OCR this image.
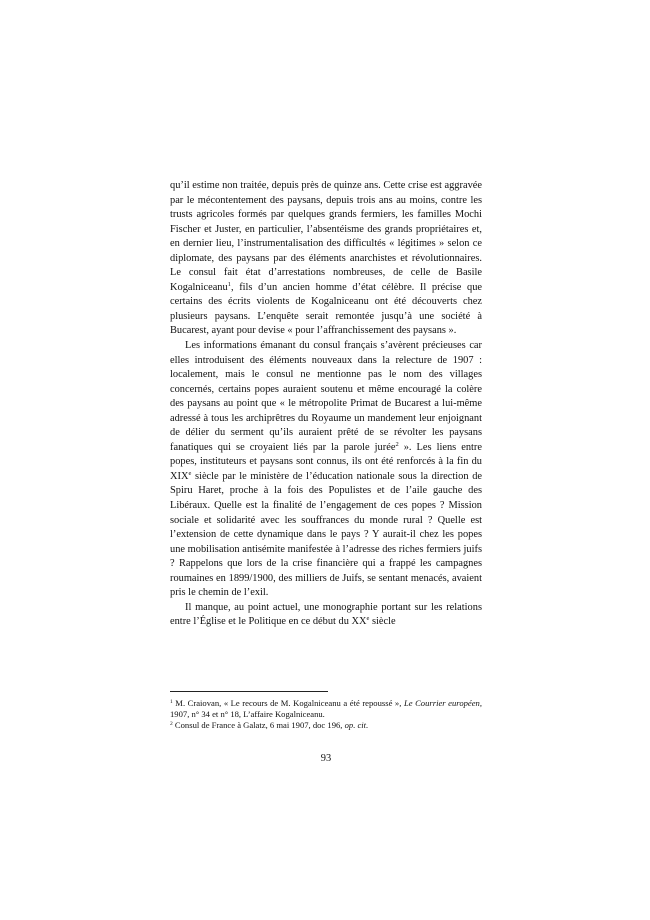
qu’il estime non traitée, depuis près de quinze ans. Cette crise est aggravée par le mécontentement des paysans, depuis trois ans au moins, contre les trusts agricoles formés par quelques grands fermiers, les familles Mochi Fischer et Juster, en particulier, l’absentéisme des grands propriétaires et, en dernier lieu, l’instrumentalisation des difficultés « légitimes » selon ce diplomate, des paysans par des éléments anarchistes et révolutionnaires. Le consul fait état d’arrestations nombreuses, de celle de Basile Kogalniceanu$^1$, fils d’un ancien homme d’état célèbre. Il précise que certains des écrits violents de Kogalniceanu ont été découverts chez plusieurs paysans. L’enquête serait remontée jusqu’à une société à Bucarest, ayant pour devise « pour l’affranchissement des paysans ».

Les informations émanant du consul français s’avèrent précieuses car elles introduisent des éléments nouveaux dans la relecture de 1907 : localement, mais le consul ne mentionne pas le nom des villages concernés, certains popes auraient soutenu et même encouragé la colère des paysans au point que « le métropolite Primat de Bucarest a lui-même adressé à tous les archiprêtres du Royaume un mandement leur enjoignant de délier du serment qu’ils auraient prêté de se révolter les paysans fanatiques qui se croyaient liés par la parole jurée$^2$ ». Les liens entre popes, instituteurs et paysans sont connus, ils ont été renforcés à la fin du XIXe siècle par le ministère de l’éducation nationale sous la direction de Spiru Haret, proche à la fois des Populistes et de l’aile gauche des Libéraux. Quelle est la finalité de l’engagement de ces popes ? Mission sociale et solidarité avec les souffrances du monde rural ? Quelle est l’extension de cette dynamique dans le pays ? Y aurait-il chez les popes une mobilisation antisémite manifestée à l’adresse des riches fermiers juifs ? Rappelons que lors de la crise financière qui a frappé les campagnes roumaines en 1899/1900, des milliers de Juifs, se sentant menacés, avaient pris le chemin de l’exil.

Il manque, au point actuel, une monographie portant sur les relations entre l’Église et le Politique en ce début du XXe siècle

$^1$ M. Craiovan, « Le recours de M. Kogalniceanu a été repoussé », Le Courrier européen, 1907, n° 34 et n° 18, L’affaire Kogalniceanu.

$^2$ Consul de France à Galatz, 6 mai 1907, doc 196, op. cit.

93
